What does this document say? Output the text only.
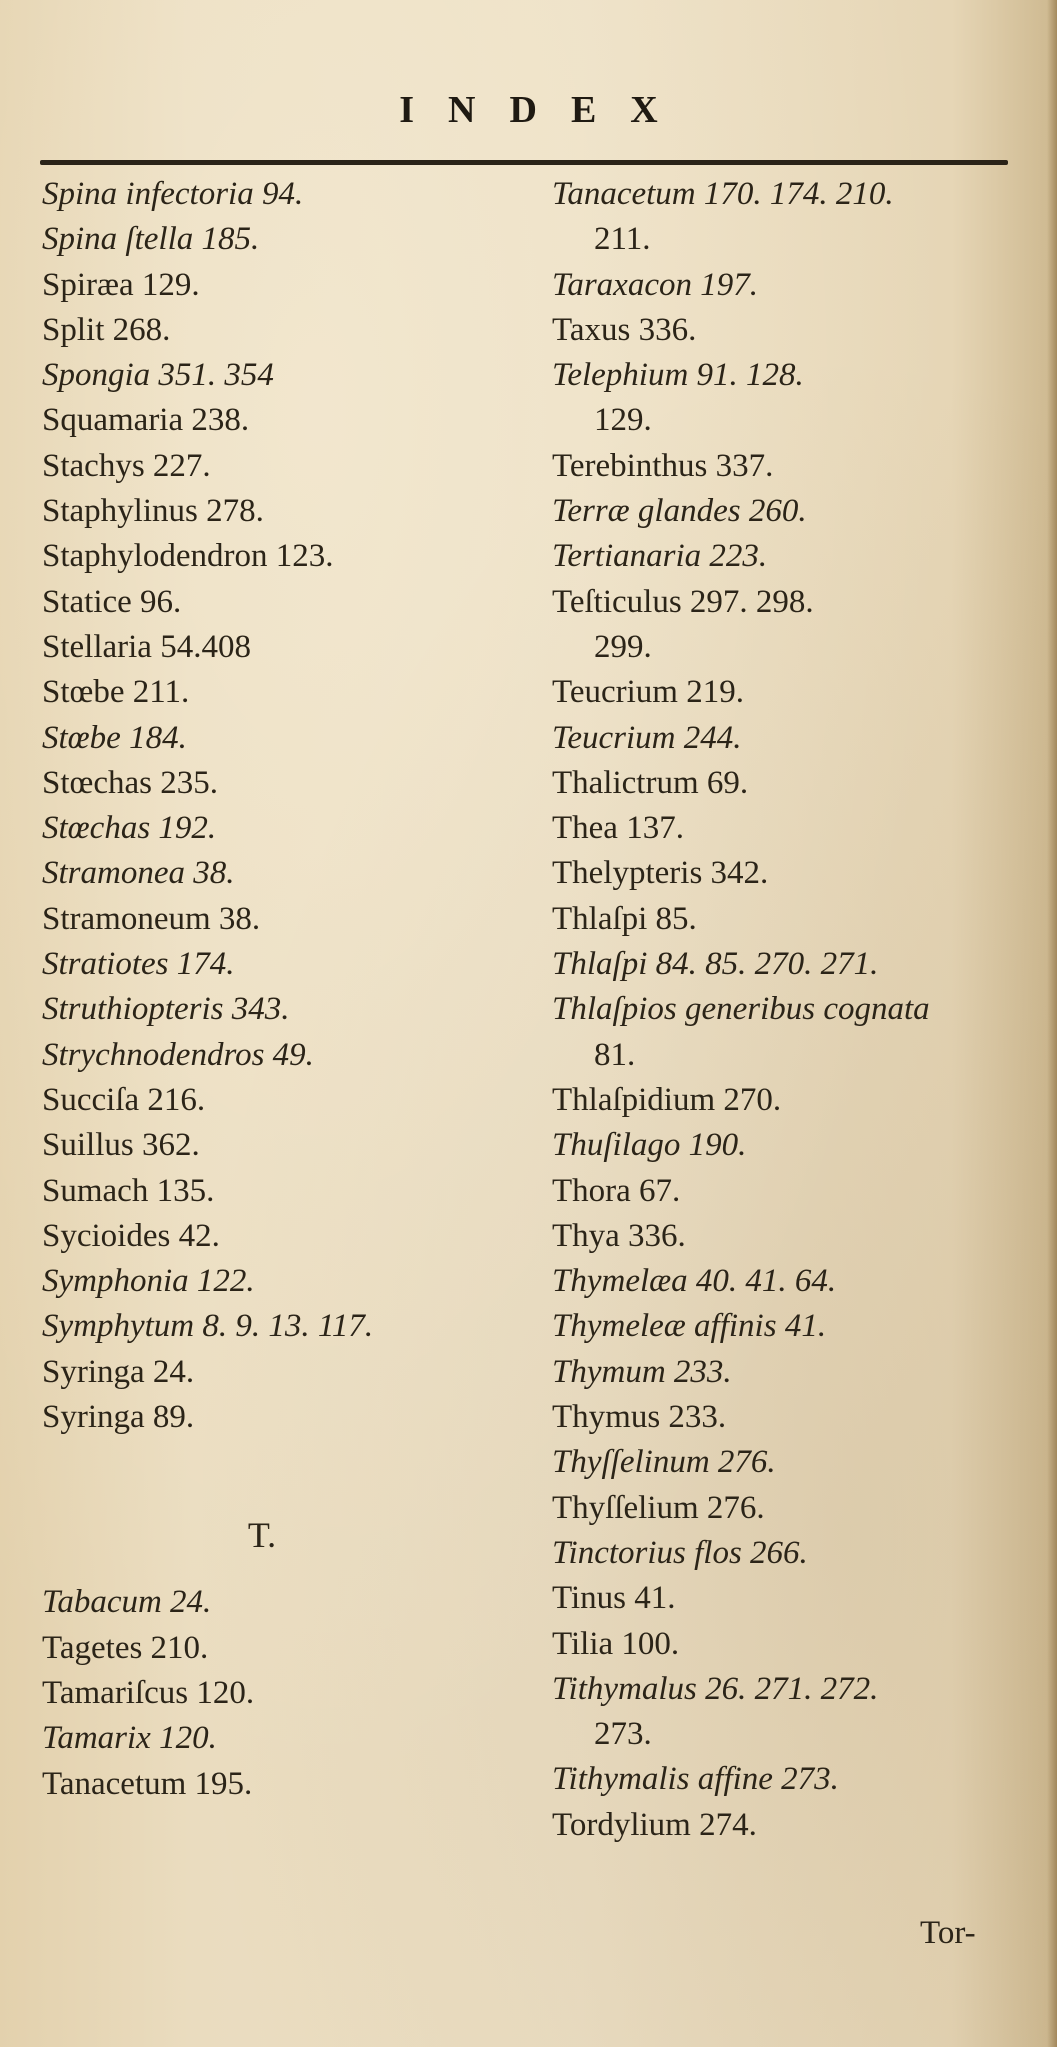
INDEX
Spina infectoria 94.
Spina ſtella 185.
Spiræa 129.
Split 268.
Spongia 351. 354
Squamaria 238.
Stachys 227.
Staphylinus 278.
Staphylodendron 123.
Statice 96.
Stellaria 54.408
Stœbe 211.
Stœbe 184.
Stœchas 235.
Stœchas 192.
Stramonea 38.
Stramoneum 38.
Stratiotes 174.
Struthiopteris 343.
Strychnodendros 49.
Succiſa 216.
Suillus 362.
Sumach 135.
Sycioides 42.
Symphonia 122.
Symphytum 8. 9. 13. 117.
Syringa 24.
Syringa 89.
T.
Tabacum 24.
Tagetes 210.
Tamariſcus 120.
Tamarix 120.
Tanacetum 195.
Tanacetum 170. 174. 210.
211.
Taraxacon 197.
Taxus 336.
Telephium 91. 128.
129.
Terebinthus 337.
Terræ glandes 260.
Tertianaria 223.
Teſticulus 297. 298.
299.
Teucrium 219.
Teucrium 244.
Thalictrum 69.
Thea 137.
Thelypteris 342.
Thlaſpi 85.
Thlaſpi 84. 85. 270. 271.
Thlaſpios generibus cognata
81.
Thlaſpidium 270.
Thuſilago 190.
Thora 67.
Thya 336.
Thymelæa 40. 41. 64.
Thymeleæ affinis 41.
Thymum 233.
Thymus 233.
Thyſſelinum 276.
Thyſſelium 276.
Tinctorius flos 266.
Tinus 41.
Tilia 100.
Tithymalus 26. 271. 272.
273.
Tithymalis affine 273.
Tordylium 274.
Tor-
